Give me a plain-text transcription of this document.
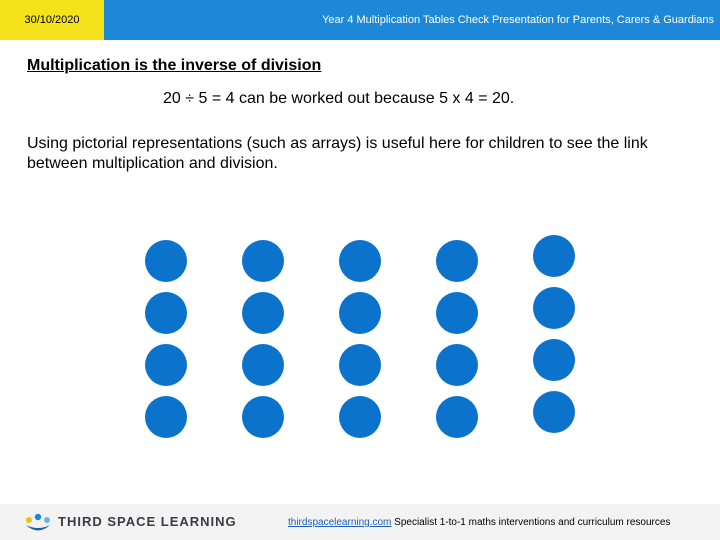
30/10/2020	Year 4 Multiplication Tables Check Presentation for Parents, Carers & Guardians
Multiplication is the inverse of division
20 ÷ 5 = 4 can be worked out because 5 x 4 = 20.
Using pictorial representations (such as arrays) is useful here for children to see the link between multiplication and division.
THIRD SPACE LEARNING	thirdspacelearning.com Specialist 1-to-1 maths interventions and curriculum resources
